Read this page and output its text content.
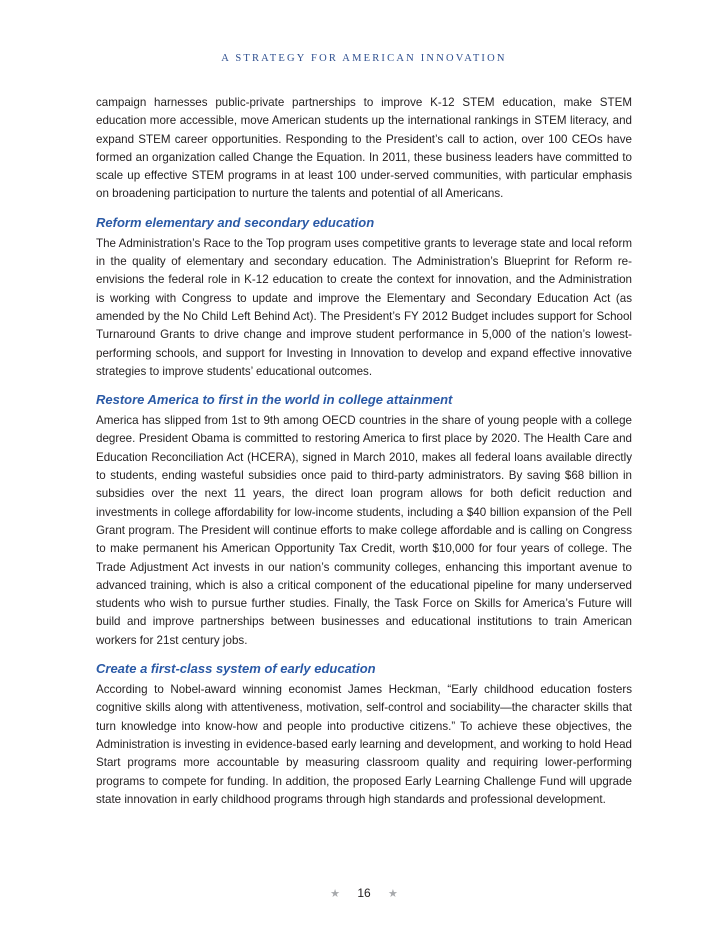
A STRATEGY FOR AMERICAN INNOVATION

campaign harnesses public-private partnerships to improve K-12 STEM education, make STEM education more accessible, move American students up the international rankings in STEM literacy, and expand STEM career opportunities. Responding to the President’s call to action, over 100 CEOs have formed an organization called Change the Equation. In 2011, these business leaders have committed to scale up effective STEM programs in at least 100 under-served communities, with particular emphasis on broadening participation to nurture the talents and potential of all Americans.

Reform elementary and secondary education

The Administration’s Race to the Top program uses competitive grants to leverage state and local reform in the quality of elementary and secondary education. The Administration’s Blueprint for Reform re-envisions the federal role in K-12 education to create the context for innovation, and the Administration is working with Congress to update and improve the Elementary and Secondary Education Act (as amended by the No Child Left Behind Act). The President’s FY 2012 Budget includes support for School Turnaround Grants to drive change and improve student performance in 5,000 of the nation’s lowest-performing schools, and support for Investing in Innovation to develop and expand effective innovative strategies to improve students’ educational outcomes.

Restore America to first in the world in college attainment

America has slipped from 1st to 9th among OECD countries in the share of young people with a college degree. President Obama is committed to restoring America to first place by 2020. The Health Care and Education Reconciliation Act (HCERA), signed in March 2010, makes all federal loans available directly to students, ending wasteful subsidies once paid to third-party administrators. By saving $68 billion in subsidies over the next 11 years, the direct loan program allows for both deficit reduction and investments in college affordability for low-income students, including a $40 billion expansion of the Pell Grant program. The President will continue efforts to make college affordable and is calling on Congress to make permanent his American Opportunity Tax Credit, worth $10,000 for four years of college. The Trade Adjustment Act invests in our nation’s community colleges, enhancing this important avenue to advanced training, which is also a critical component of the educational pipeline for many underserved students who wish to pursue further studies. Finally, the Task Force on Skills for America’s Future will build and improve partnerships between businesses and educational institutions to train American workers for 21st century jobs.

Create a first-class system of early education

According to Nobel-award winning economist James Heckman, “Early childhood education fosters cognitive skills along with attentiveness, motivation, self-control and sociability—the character skills that turn knowledge into know-how and people into productive citizens.” To achieve these objectives, the Administration is investing in evidence-based early learning and development, and working to hold Head Start programs more accountable by measuring classroom quality and requiring lower-performing programs to compete for funding. In addition, the proposed Early Learning Challenge Fund will upgrade state innovation in early childhood programs through high standards and professional development.

★ 16 ★
